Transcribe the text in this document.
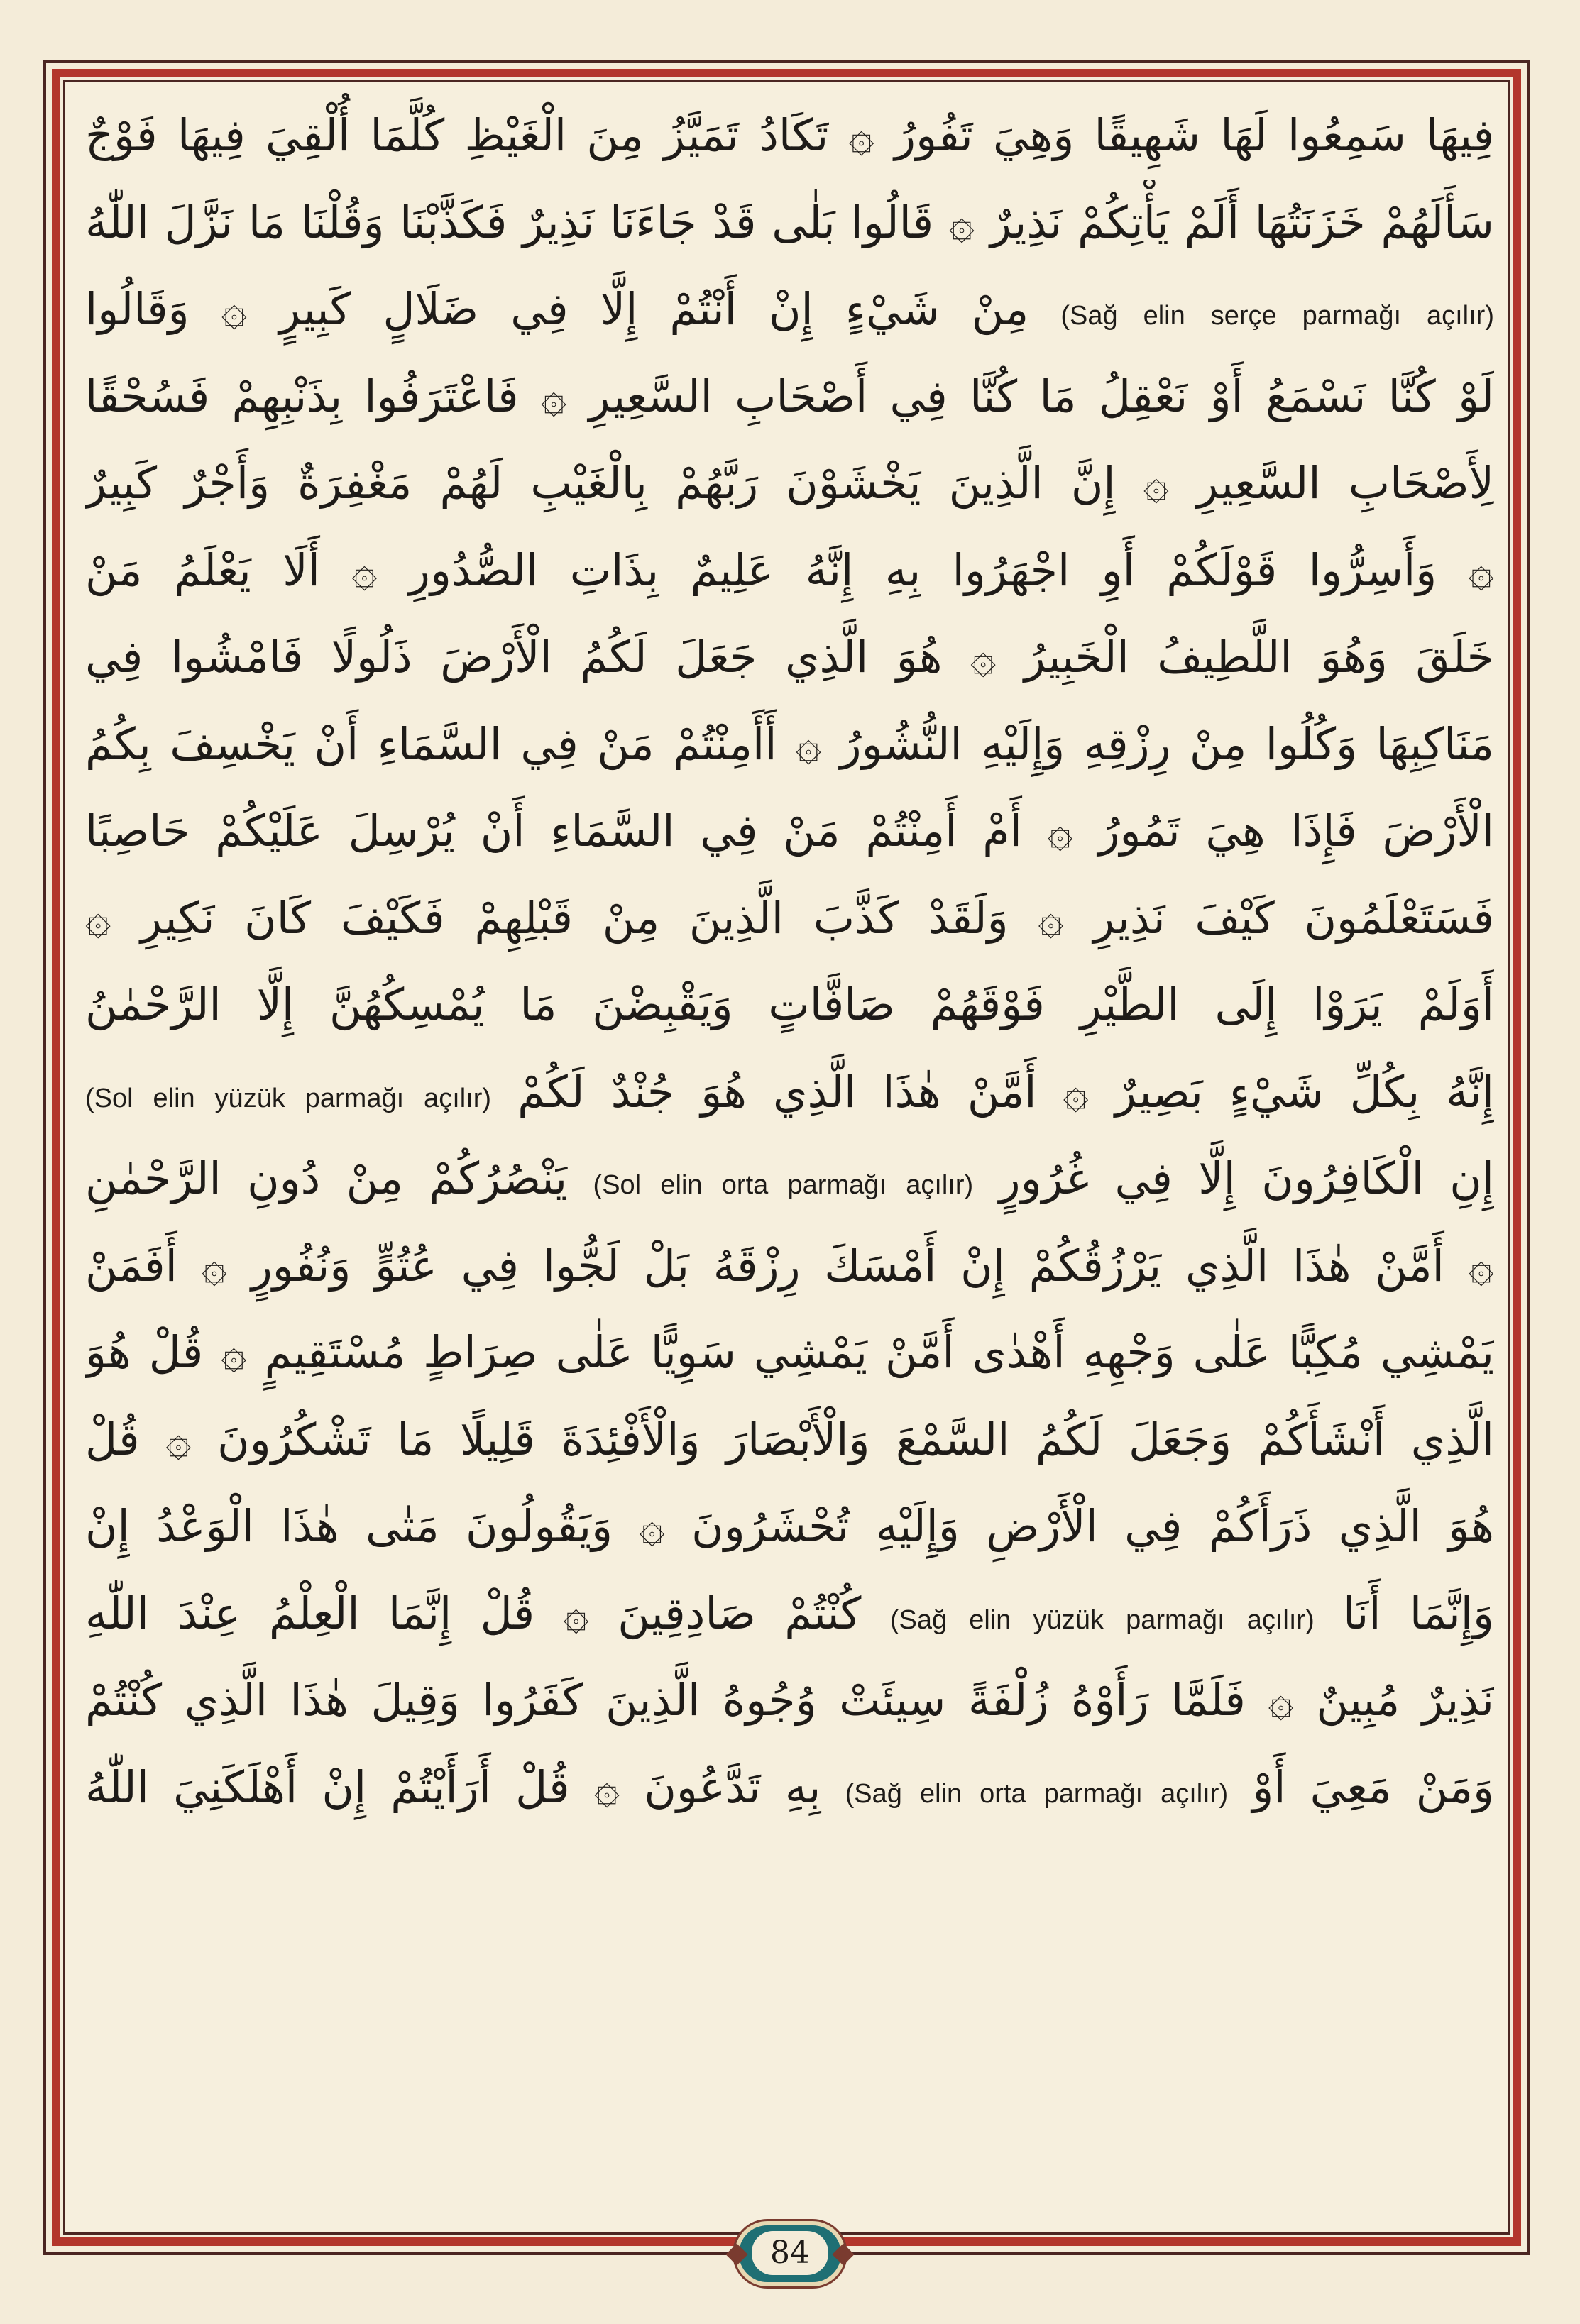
فِيهَا سَمِعُوا لَهَا شَهِيقًا وَهِيَ تَفُورُ ۞ تَكَادُ تَمَيَّزُ مِنَ الْغَيْظِ كُلَّمَا أُلْقِيَ فِيهَا فَوْجٌ
سَأَلَهُمْ خَزَنَتُهَا أَلَمْ يَأْتِكُمْ نَذِيرٌ ۞ قَالُوا بَلٰى قَدْ جَاءَنَا نَذِيرٌ فَكَذَّبْنَا وَقُلْنَا مَا نَزَّلَ اللّٰهُ
مِنْ شَيْءٍ إِنْ أَنْتُمْ إِلَّا فِي ضَلَالٍ كَبِيرٍ ۞ وَقَالُوا (Sağ elin serçe parmağı açılır)
لَوْ كُنَّا نَسْمَعُ أَوْ نَعْقِلُ مَا كُنَّا فِي أَصْحَابِ السَّعِيرِ ۞ فَاعْتَرَفُوا بِذَنْبِهِمْ فَسُحْقًا
لِأَصْحَابِ السَّعِيرِ ۞ إِنَّ الَّذِينَ يَخْشَوْنَ رَبَّهُمْ بِالْغَيْبِ لَهُمْ مَغْفِرَةٌ وَأَجْرٌ كَبِيرٌ
۞ وَأَسِرُّوا قَوْلَكُمْ أَوِ اجْهَرُوا بِهِ إِنَّهُ عَلِيمٌ بِذَاتِ الصُّدُورِ ۞ أَلَا يَعْلَمُ مَنْ
خَلَقَ وَهُوَ اللَّطِيفُ الْخَبِيرُ ۞ هُوَ الَّذِي جَعَلَ لَكُمُ الْأَرْضَ ذَلُولًا فَامْشُوا فِي
مَنَاكِبِهَا وَكُلُوا مِنْ رِزْقِهِ وَإِلَيْهِ النُّشُورُ ۞ أَأَمِنْتُمْ مَنْ فِي السَّمَاءِ أَنْ يَخْسِفَ بِكُمُ
الْأَرْضَ فَإِذَا هِيَ تَمُورُ ۞ أَمْ أَمِنْتُمْ مَنْ فِي السَّمَاءِ أَنْ يُرْسِلَ عَلَيْكُمْ حَاصِبًا
فَسَتَعْلَمُونَ كَيْفَ نَذِيرِ ۞ وَلَقَدْ كَذَّبَ الَّذِينَ مِنْ قَبْلِهِمْ فَكَيْفَ كَانَ نَكِيرِ ۞
أَوَلَمْ يَرَوْا إِلَى الطَّيْرِ فَوْقَهُمْ صَافَّاتٍ وَيَقْبِضْنَ مَا يُمْسِكُهُنَّ إِلَّا الرَّحْمٰنُ
(Sol elin yüzük parmağı açılır) إِنَّهُ بِكُلِّ شَيْءٍ بَصِيرٌ ۞ أَمَّنْ هٰذَا الَّذِي هُوَ جُنْدٌ لَكُمْ
يَنْصُرُكُمْ مِنْ دُونِ الرَّحْمٰنِ (Sol elin orta parmağı açılır) إِنِ الْكَافِرُونَ إِلَّا فِي غُرُورٍ
۞ أَمَّنْ هٰذَا الَّذِي يَرْزُقُكُمْ إِنْ أَمْسَكَ رِزْقَهُ بَلْ لَجُّوا فِي عُتُوٍّ وَنُفُورٍ ۞ أَفَمَنْ
يَمْشِي مُكِبًّا عَلٰى وَجْهِهِ أَهْدٰى أَمَّنْ يَمْشِي سَوِيًّا عَلٰى صِرَاطٍ مُسْتَقِيمٍ ۞ قُلْ هُوَ
الَّذِي أَنْشَأَكُمْ وَجَعَلَ لَكُمُ السَّمْعَ وَالْأَبْصَارَ وَالْأَفْئِدَةَ قَلِيلًا مَا تَشْكُرُونَ ۞ قُلْ
هُوَ الَّذِي ذَرَأَكُمْ فِي الْأَرْضِ وَإِلَيْهِ تُحْشَرُونَ ۞ وَيَقُولُونَ مَتٰى هٰذَا الْوَعْدُ إِنْ
كُنْتُمْ صَادِقِينَ ۞ قُلْ إِنَّمَا الْعِلْمُ عِنْدَ اللّٰهِ (Sağ elin yüzük parmağı açılır) وَإِنَّمَا أَنَا
نَذِيرٌ مُبِينٌ ۞ فَلَمَّا رَأَوْهُ زُلْفَةً سِيئَتْ وُجُوهُ الَّذِينَ كَفَرُوا وَقِيلَ هٰذَا الَّذِي كُنْتُمْ
بِهِ تَدَّعُونَ ۞ قُلْ أَرَأَيْتُمْ إِنْ أَهْلَكَنِيَ اللّٰهُ (Sağ elin orta parmağı açılır) وَمَنْ مَعِيَ أَوْ
84
